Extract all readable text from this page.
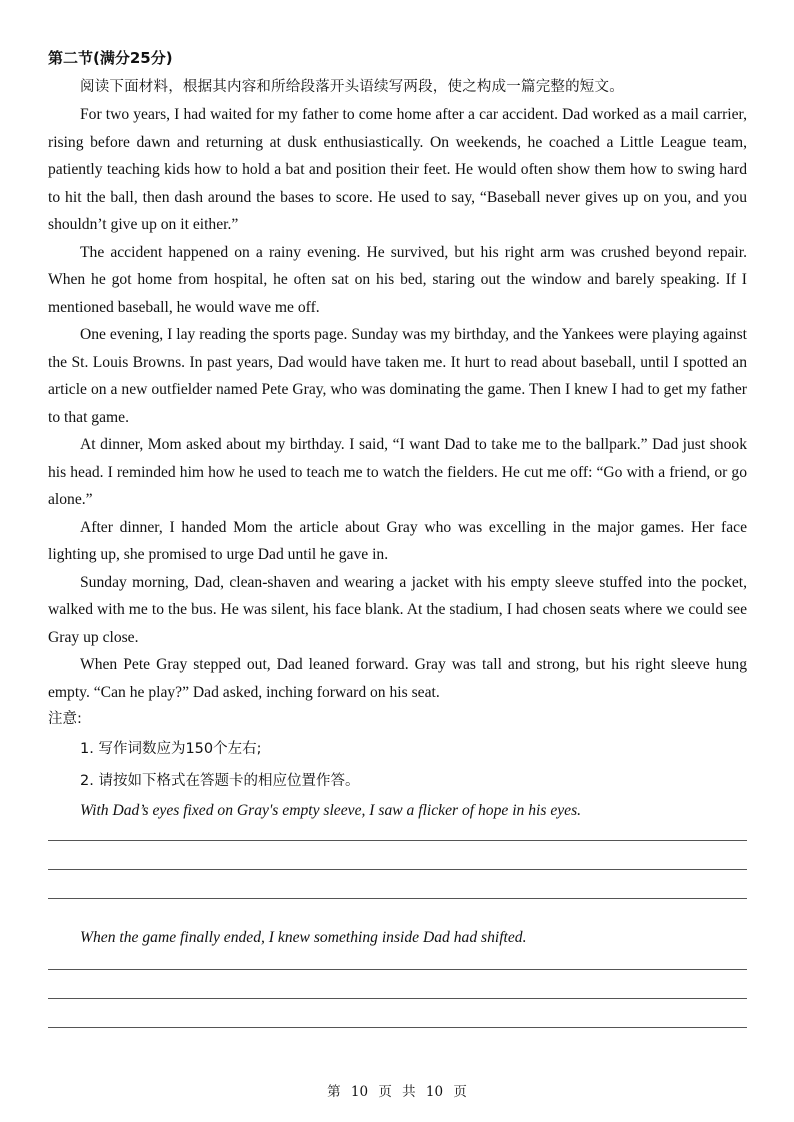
第二节(满分25分)

阅读下面材料，根据其内容和所给段落开头语续写两段，使之构成一篇完整的短文。

For two years, I had waited for my father to come home after a car accident. Dad worked as a mail carrier, rising before dawn and returning at dusk enthusiastically. On weekends, he coached a Little League team, patiently teaching kids how to hold a bat and position their feet. He would often show them how to swing hard to hit the ball, then dash around the bases to score. He used to say, “Baseball never gives up on you, and you shouldn’t give up on it either.”

The accident happened on a rainy evening. He survived, but his right arm was crushed beyond repair. When he got home from hospital, he often sat on his bed, staring out the window and barely speaking. If I mentioned baseball, he would wave me off.

One evening, I lay reading the sports page. Sunday was my birthday, and the Yankees were playing against the St. Louis Browns. In past years, Dad would have taken me. It hurt to read about baseball, until I spotted an article on a new outfielder named Pete Gray, who was dominating the game. Then I knew I had to get my father to that game.

At dinner, Mom asked about my birthday. I said, “I want Dad to take me to the ballpark.” Dad just shook his head. I reminded him how he used to teach me to watch the fielders. He cut me off: “Go with a friend, or go alone.”

After dinner, I handed Mom the article about Gray who was excelling in the major games. Her face lighting up, she promised to urge Dad until he gave in.

Sunday morning, Dad, clean-shaven and wearing a jacket with his empty sleeve stuffed into the pocket, walked with me to the bus. He was silent, his face blank. At the stadium, I had chosen seats where we could see Gray up close.

When Pete Gray stepped out, Dad leaned forward. Gray was tall and strong, but his right sleeve hung empty. “Can he play?” Dad asked, inching forward on his seat.

注意:

1. 写作词数应为150个左右;

2. 请按如下格式在答题卡的相应位置作答。

With Dad’s eyes fixed on Gray's empty sleeve, I saw a flicker of hope in his eyes.

When the game finally ended, I knew something inside Dad had shifted.

第 10 页 共 10 页
